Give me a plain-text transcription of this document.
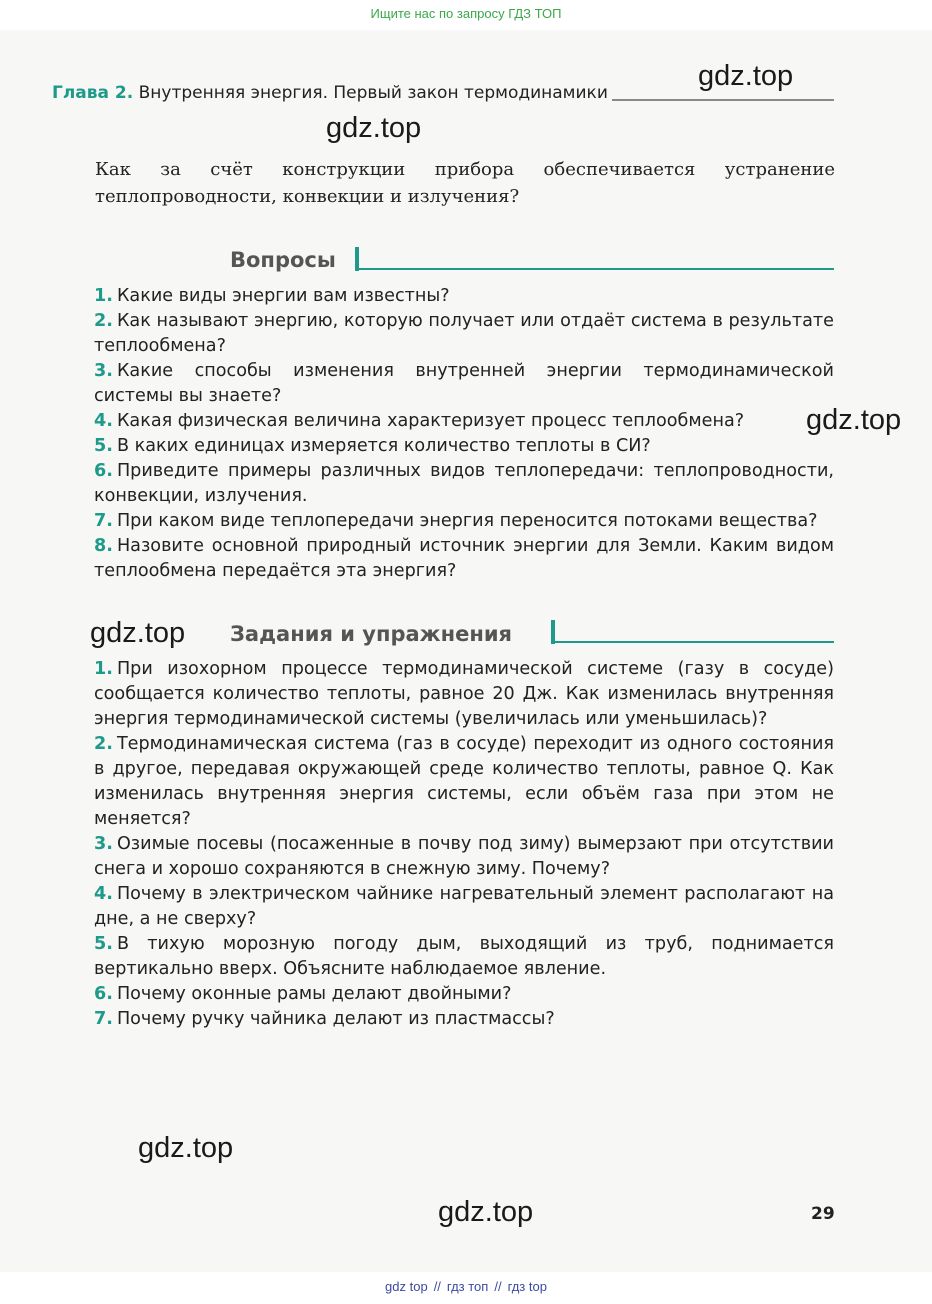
Ищите нас по запросу ГДЗ ТОП
Глава 2. Внутренняя энергия. Первый закон термодинамики
gdz.top
gdz.top
Как за счёт конструкции прибора обеспечивается устранение теплопроводности, конвекции и излучения?
Вопросы

1. Какие виды энергии вам известны?

2. Как называют энергию, которую получает или отдаёт система в результате теплообмена?

3. Какие способы изменения внутренней энергии термодинамической системы вы знаете?

4. Какая физическая величина характеризует процесс теплообмена?

5. В каких единицах измеряется количество теплоты в СИ?

6. Приведите примеры различных видов теплопередачи: теплопроводности, конвекции, излучения.

7. При каком виде теплопередачи энергия переносится потоками вещества?

8. Назовите основной природный источник энергии для Земли. Каким видом теплообмена передаётся эта энергия?

gdz.top
gdz.top Задания и упражнения

1. При изохорном процессе термодинамической системе (газу в сосуде) сообщается количество теплоты, равное 20 Дж. Как изменилась внутренняя энергия термодинамической системы (увеличилась или уменьшилась)?

2. Термодинамическая система (газ в сосуде) переходит из одного состояния в другое, передавая окружающей среде количество теплоты, равное Q. Как изменилась внутренняя энергия системы, если объём газа при этом не меняется?

3. Озимые посевы (посаженные в почву под зиму) вымерзают при отсутствии снега и хорошо сохраняются в снежную зиму. Почему?

4. Почему в электрическом чайнике нагревательный элемент располагают на дне, а не сверху?

5. В тихую морозную погоду дым, выходящий из труб, поднимается вертикально вверх. Объясните наблюдаемое явление.

6. Почему оконные рамы делают двойными?

7. Почему ручку чайника делают из пластмассы?

gdz.top
gdz.top	29
gdz top // гдз топ // гдз top
